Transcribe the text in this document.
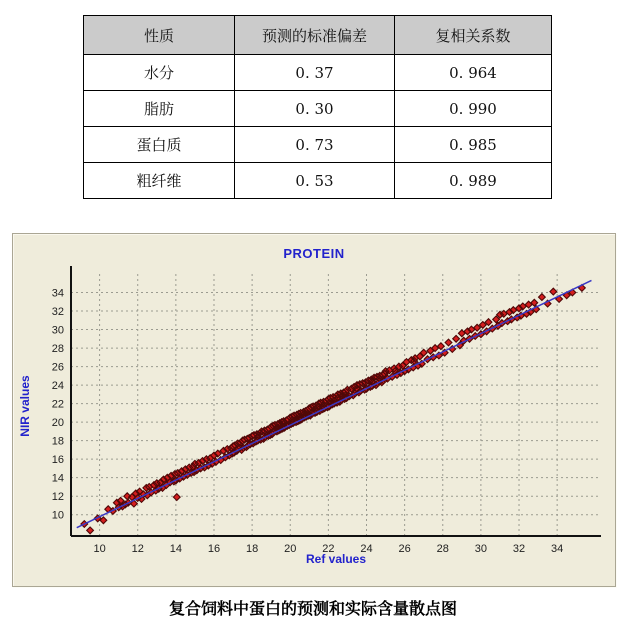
性质	预测的标准偏差	复相关系数
水分	0. 37	0. 964
脂肪	0. 30	0. 990
蛋白质	0. 73	0. 985
粗纤维	0. 53	0. 989
PROTEIN
NIR values
10 12 14 16 18 20 22 24 26 28 30 32 34
10
12
14
16
18
20
22
24
26
28
30
32
34
Ref values
复合饲料中蛋白的预测和实际含量散点图
